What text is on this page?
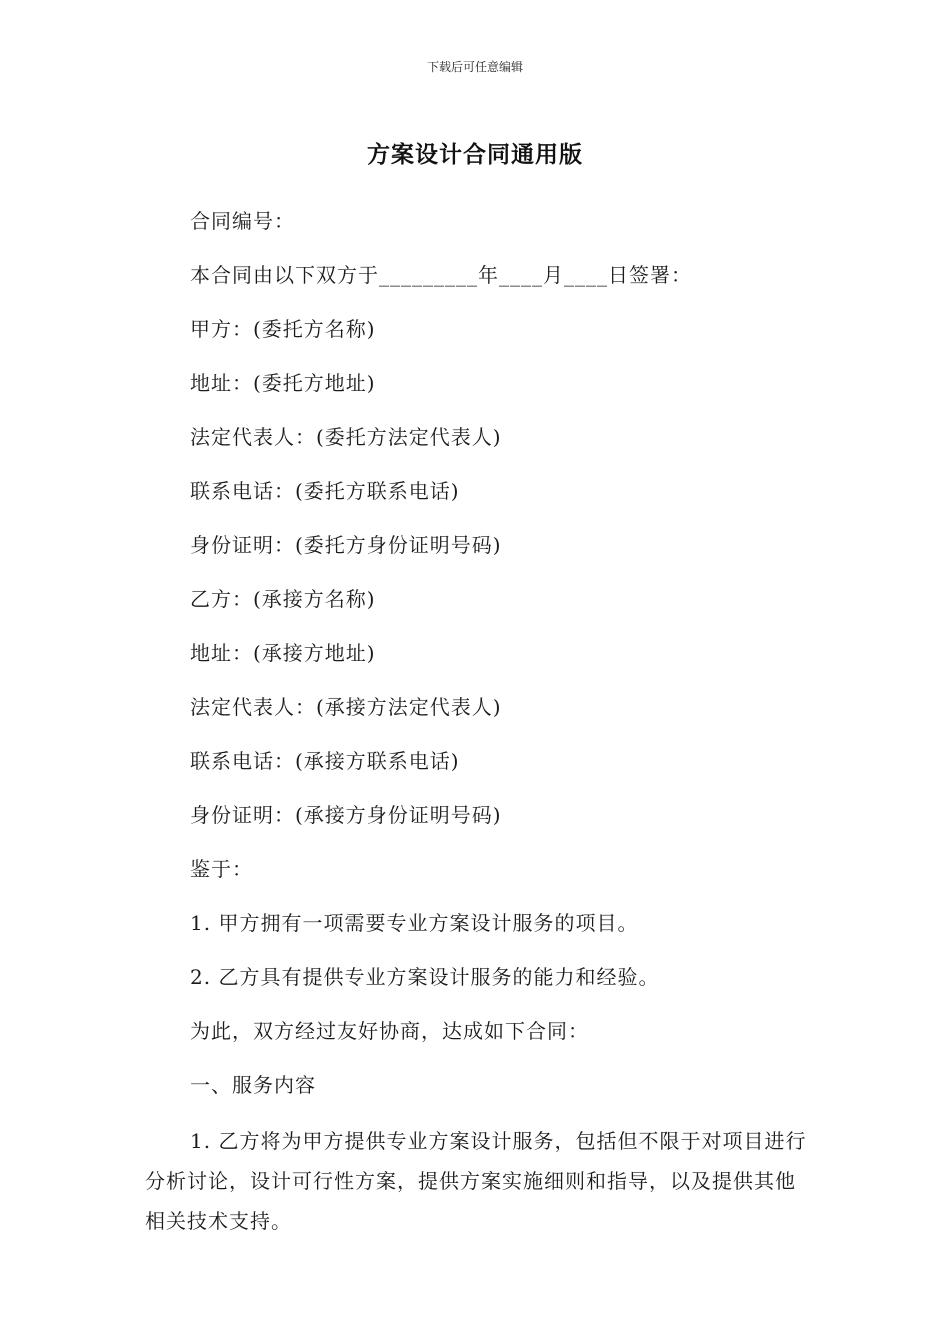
下载后可任意编辑
方案设计合同通用版
合同编号：
本合同由以下双方于_________年____月____日签署：
甲方：(委托方名称)
地址：(委托方地址)
法定代表人：(委托方法定代表人)
联系电话：(委托方联系电话)
身份证明：(委托方身份证明号码)
乙方：(承接方名称)
地址：(承接方地址)
法定代表人：(承接方法定代表人)
联系电话：(承接方联系电话)
身份证明：(承接方身份证明号码)
鉴于：
1. 甲方拥有一项需要专业方案设计服务的项目。
2. 乙方具有提供专业方案设计服务的能力和经验。
为此，双方经过友好协商，达成如下合同：
一、服务内容
1. 乙方将为甲方提供专业方案设计服务，包括但不限于对项目进行分析讨论，设计可行性方案，提供方案实施细则和指导，以及提供其他相关技术支持。
